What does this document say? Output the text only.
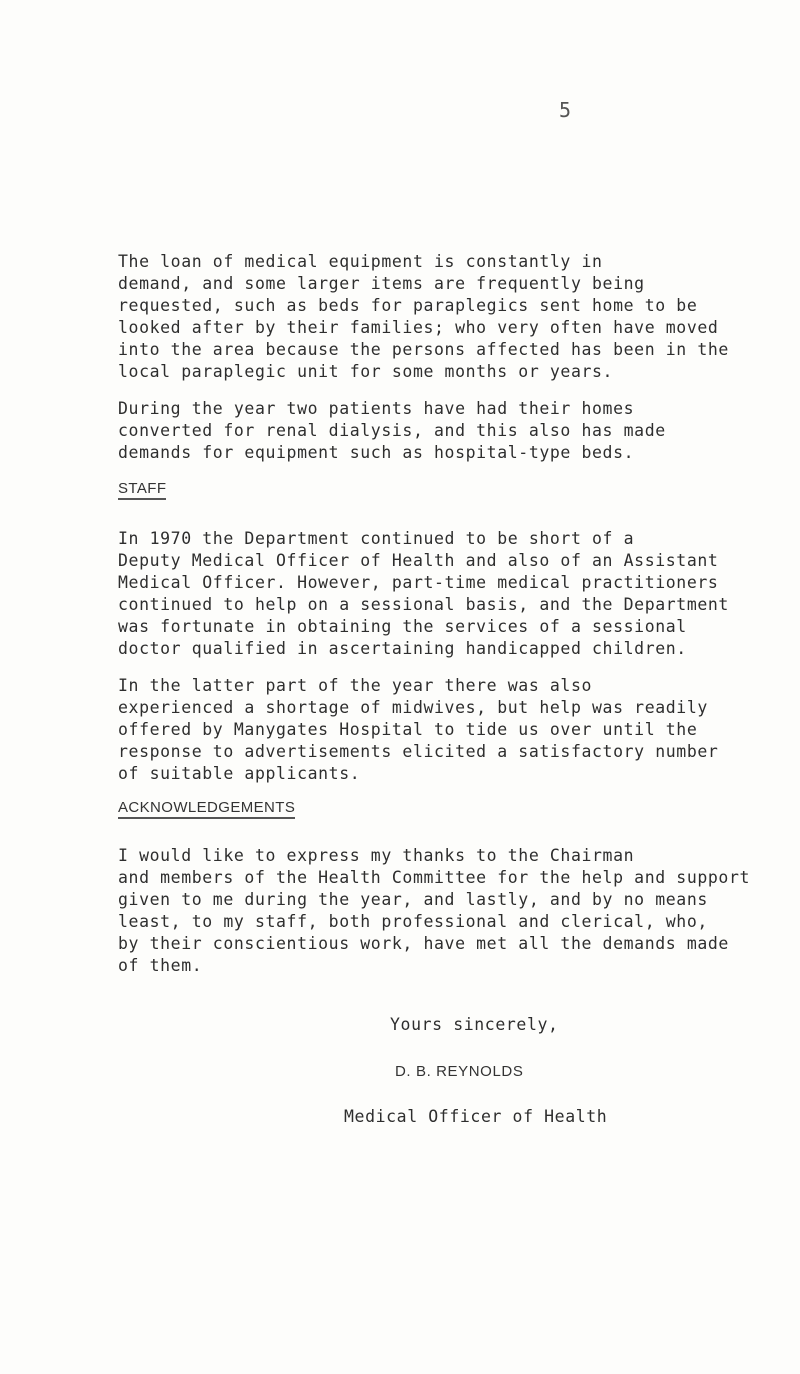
5
The loan of medical equipment is constantly in
demand, and some larger items are frequently being
requested, such as beds for paraplegics sent home to be
looked after by their families; who very often have moved
into the area because the persons affected has been in the
local paraplegic unit for some months or years.
During the year two patients have had their homes
converted for renal dialysis, and this also has made
demands for equipment such as hospital-type beds.
STAFF
In 1970 the Department continued to be short of a
Deputy Medical Officer of Health and also of an Assistant
Medical Officer. However, part-time medical practitioners
continued to help on a sessional basis, and the Department
was fortunate in obtaining the services of a sessional
doctor qualified in ascertaining handicapped children.
In the latter part of the year there was also
experienced a shortage of midwives, but help was readily
offered by Manygates Hospital to tide us over until the
response to advertisements elicited a satisfactory number
of suitable applicants.
ACKNOWLEDGEMENTS
I would like to express my thanks to the Chairman
and members of the Health Committee for the help and support
given to me during the year, and lastly, and by no means
least, to my staff, both professional and clerical, who,
by their conscientious work, have met all the demands made
of them.
Yours sincerely,
D. B. REYNOLDS
Medical Officer of Health
